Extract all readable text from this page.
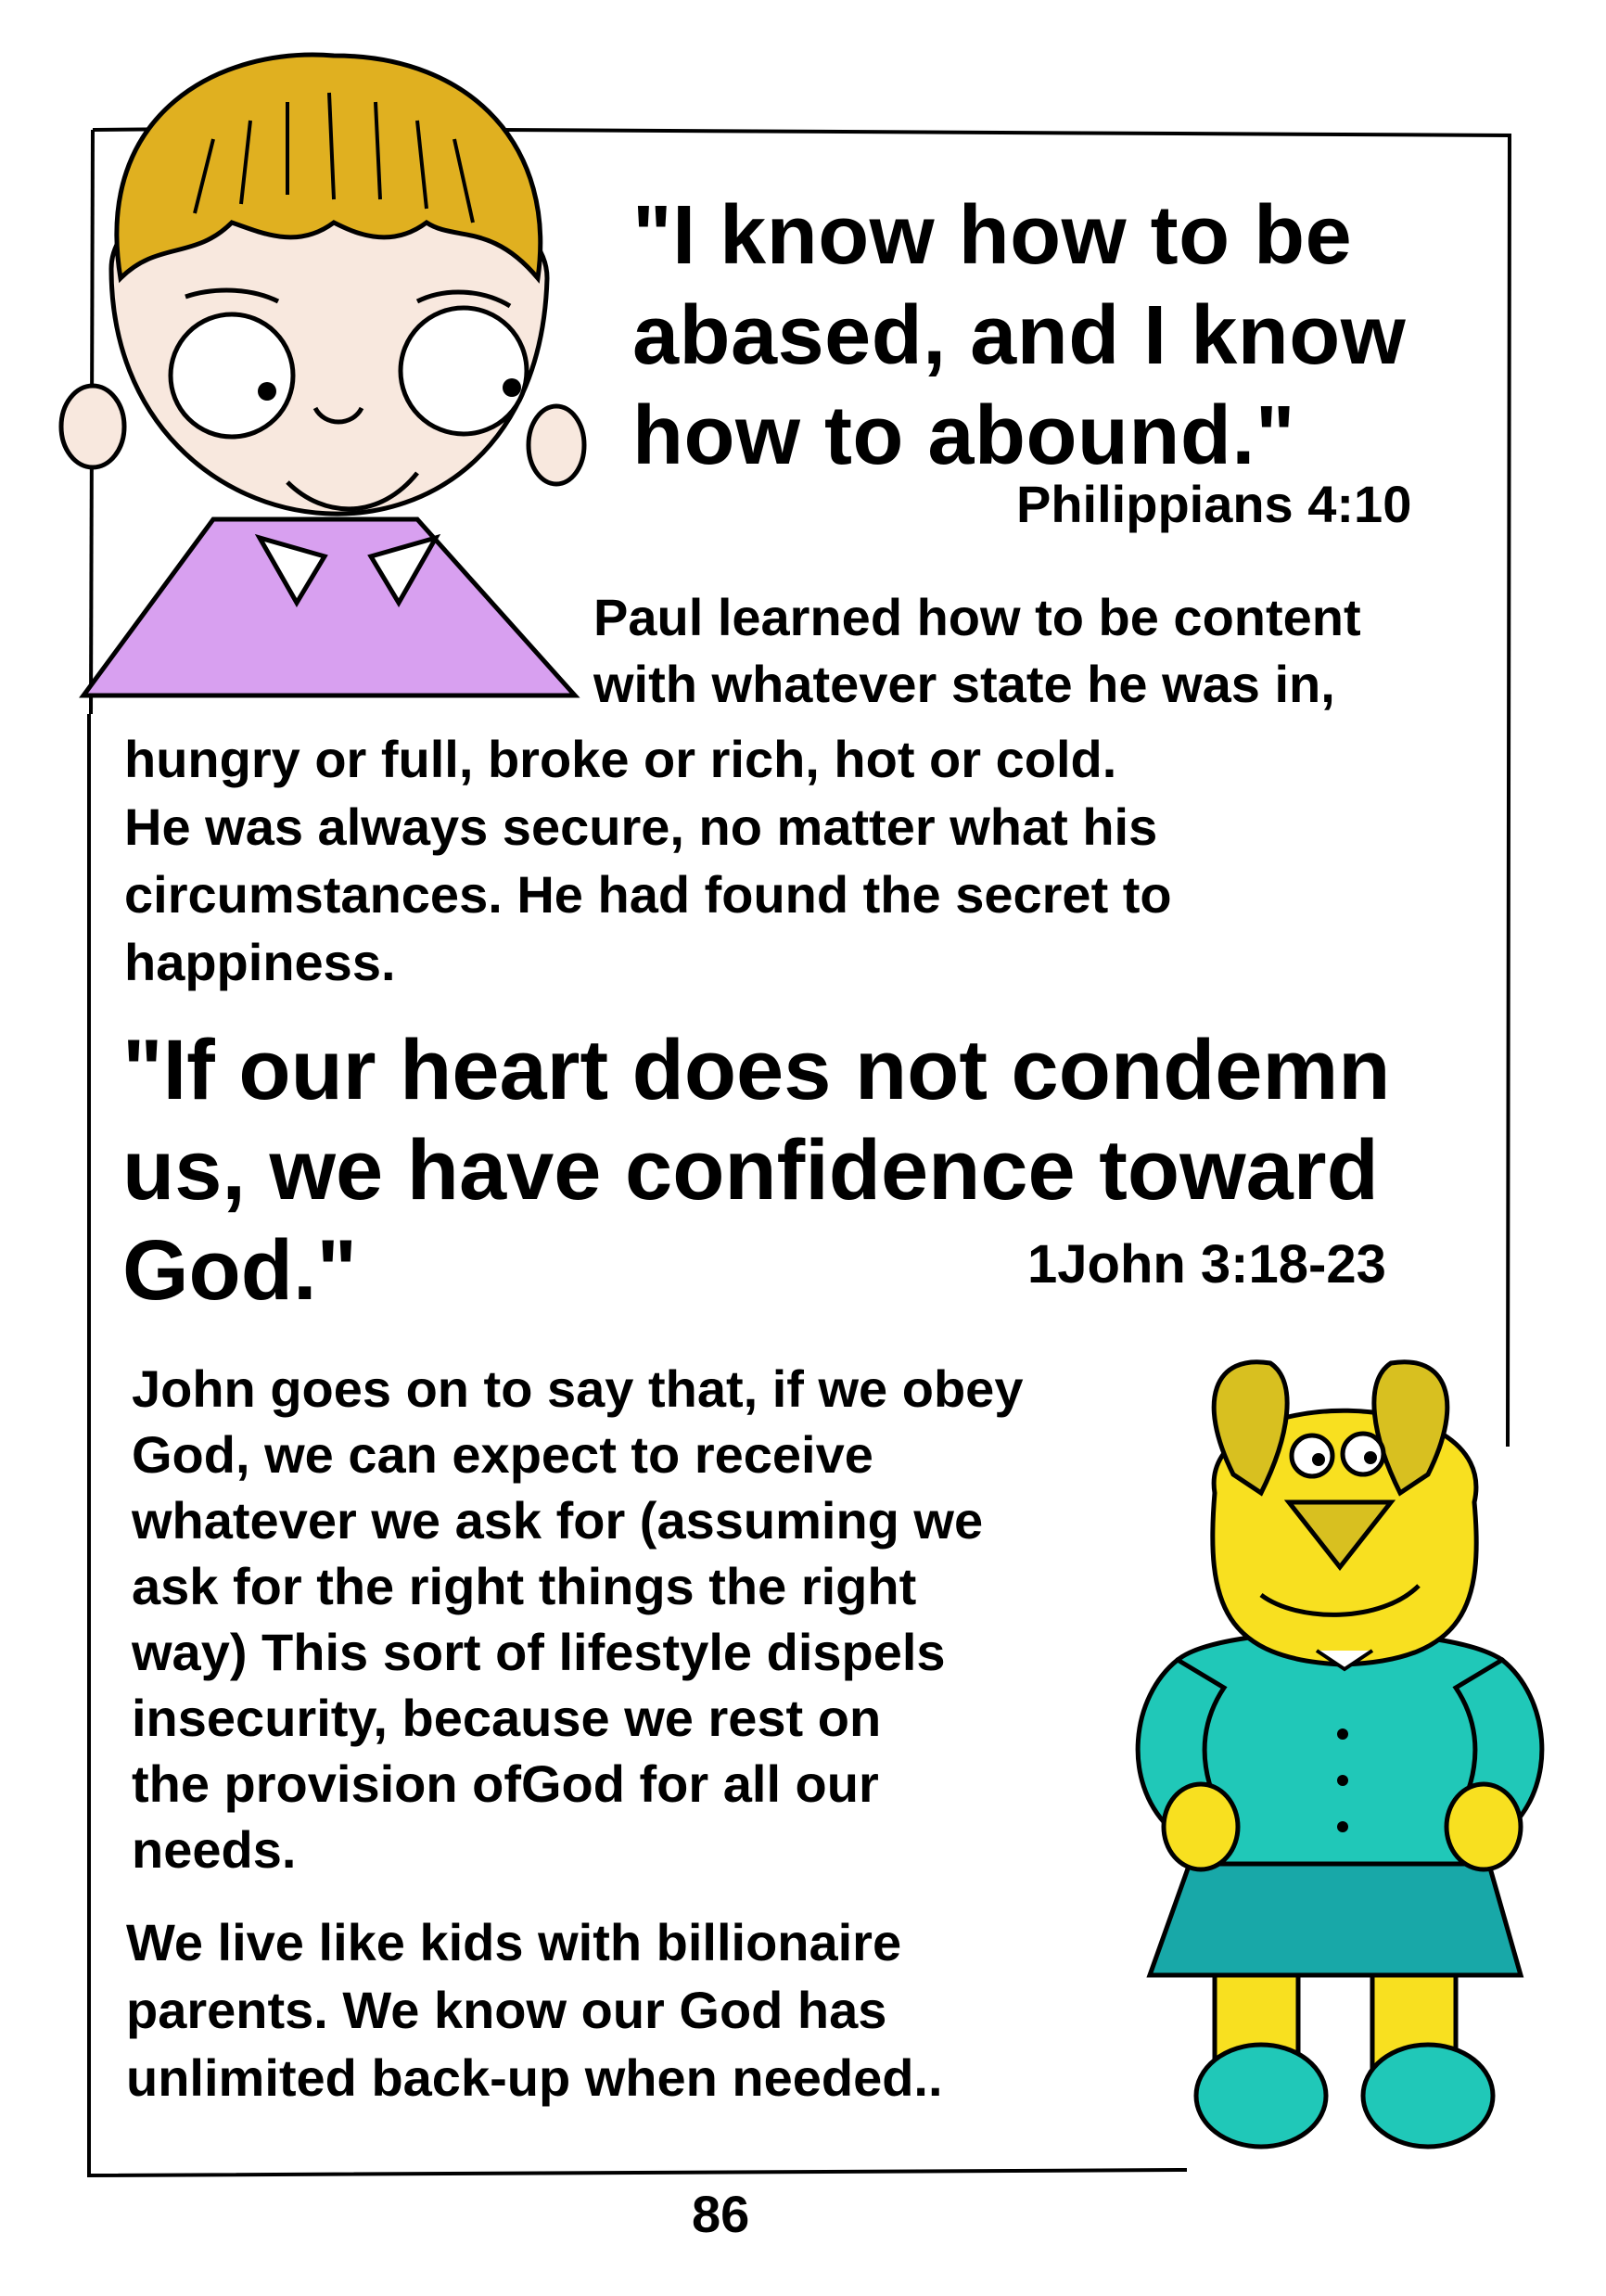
"I know how to be
abased, and I know
how to abound."

Philippians 4:10

Paul learned how to be content
with whatever state he was in,

hungry or full, broke or rich, hot or cold.
He was always secure, no matter what his
circumstances. He had found the secret to
happiness.

"If our heart does not condemn
us, we have confidence toward
God."	1John 3:18-23

John goes on to say that, if we obey
God, we can expect to receive
whatever we ask for (assuming we
ask for the right things the right
way) This sort of lifestyle dispels
insecurity, because we rest on
the provision ofGod for all our
needs.

We live like kids with billionaire
parents. We know our God has
unlimited back-up when needed..

86
